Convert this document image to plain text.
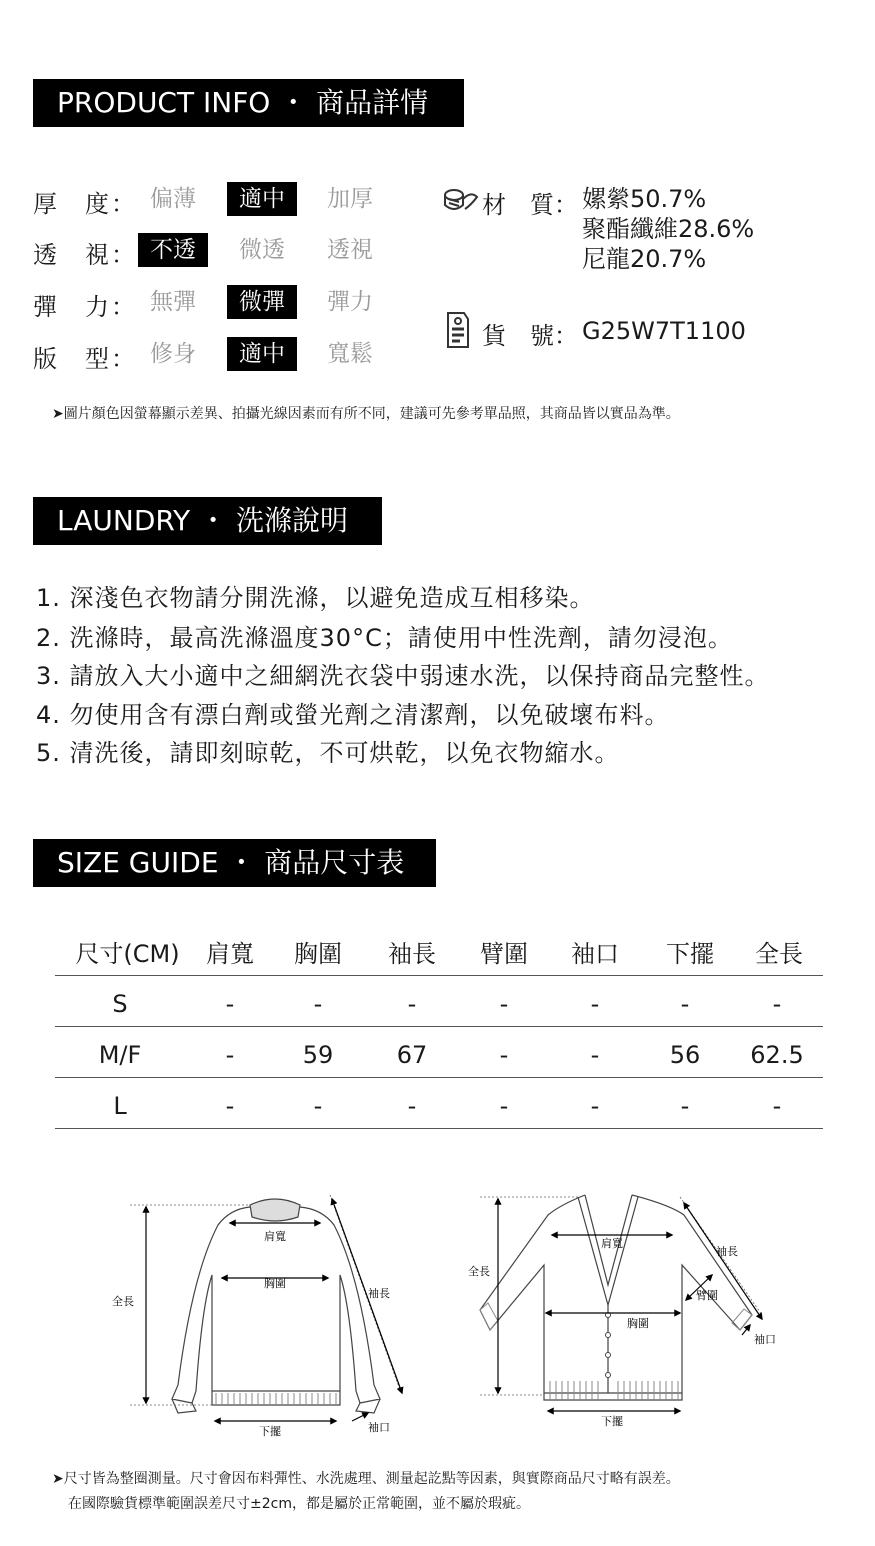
PRODUCT INFO ・ 商品詳情
厚　度： 偏薄	適中	加厚
透　視： 不透	微透	透視
彈　力： 無彈	微彈	彈力
版　型： 修身	適中	寬鬆
材　質： 嫘縈50.7%
聚酯纖維28.6%
尼龍20.7%
貨　號： G25W7T1100
➤圖片顏色因螢幕顯示差異、拍攝光線因素而有所不同，建議可先參考單品照，其商品皆以實品為準。
LAUNDRY ・ 洗滌說明
1. 深淺色衣物請分開洗滌，以避免造成互相移染。
2. 洗滌時，最高洗滌溫度30°C；請使用中性洗劑，請勿浸泡。
3. 請放入大小適中之細網洗衣袋中弱速水洗，以保持商品完整性。
4. 勿使用含有漂白劑或螢光劑之清潔劑，以免破壞布料。
5. 清洗後，請即刻晾乾，不可烘乾，以免衣物縮水。
SIZE GUIDE ・ 商品尺寸表
尺寸(CM)	肩寬	胸圍	袖長	臂圍	袖口	下擺	全長
S	-	-	-	-	-	-	-
M/F	-	59	67	-	-	56	62.5
L	-	-	-	-	-	-	-
肩寬
胸圍
袖長
全長
下擺	袖口
肩寬
胸圍
袖長
臂圍
全長
下擺
袖口
➤尺寸皆為整圈測量。尺寸會因布料彈性、水洗處理、測量起訖點等因素，與實際商品尺寸略有誤差。
在國際驗貨標準範圍誤差尺寸±2cm，都是屬於正常範圍，並不屬於瑕疵。
